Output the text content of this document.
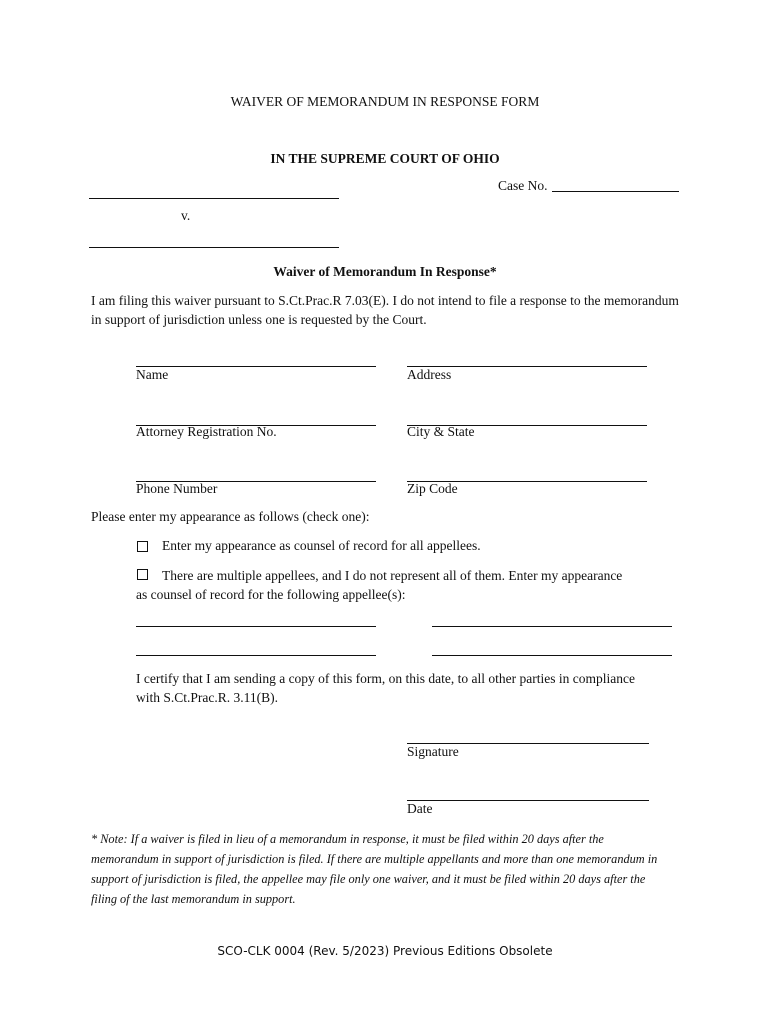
WAIVER OF MEMORANDUM IN RESPONSE FORM
IN THE SUPREME COURT OF OHIO
Case No.
v.
Waiver of Memorandum In Response*
I am filing this waiver pursuant to S.Ct.Prac.R 7.03(E). I do not intend to file a response to the memorandum in support of jurisdiction unless one is requested by the Court.
Name	Address
Attorney Registration No.	City & State
Phone Number	Zip Code
Please enter my appearance as follows (check one):
Enter my appearance as counsel of record for all appellees.
There are multiple appellees, and I do not represent all of them. Enter my appearance as counsel of record for the following appellee(s):
I certify that I am sending a copy of this form, on this date, to all other parties in compliance with S.Ct.Prac.R. 3.11(B).
Signature
Date
* Note: If a waiver is filed in lieu of a memorandum in response, it must be filed within 20 days after the memorandum in support of jurisdiction is filed. If there are multiple appellants and more than one memorandum in support of jurisdiction is filed, the appellee may file only one waiver, and it must be filed within 20 days after the filing of the last memorandum in support.
SCO-CLK 0004 (Rev. 5/2023) Previous Editions Obsolete
